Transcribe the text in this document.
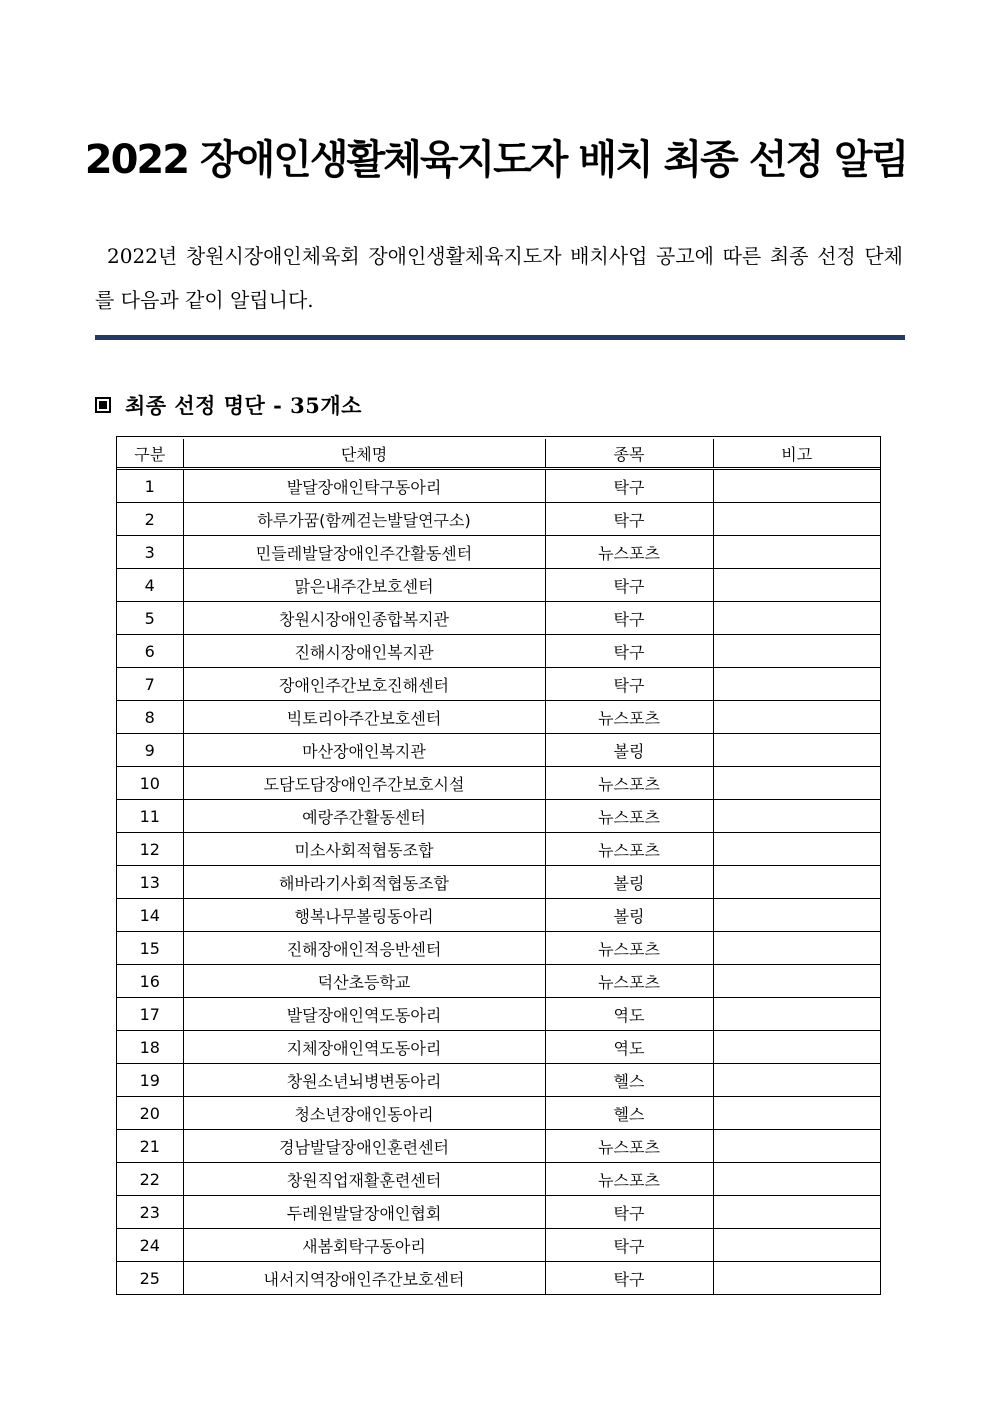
2022 장애인생활체육지도자 배치 최종 선정 알림

2022년 창원시장애인체육회 장애인생활체육지도자 배치사업 공고에 따른 최종 선정 단체를 다음과 같이 알립니다.

최종 선정 명단 - 35개소
구분	단체명	종목	비고
1	발달장애인탁구동아리	탁구	
2	하루가꿈(함께걷는발달연구소)	탁구	
3	민들레발달장애인주간활동센터	뉴스포츠	
4	맑은내주간보호센터	탁구	
5	창원시장애인종합복지관	탁구	
6	진해시장애인복지관	탁구	
7	장애인주간보호진해센터	탁구	
8	빅토리아주간보호센터	뉴스포츠	
9	마산장애인복지관	볼링	
10	도담도담장애인주간보호시설	뉴스포츠	
11	예랑주간활동센터	뉴스포츠	
12	미소사회적협동조합	뉴스포츠	
13	해바라기사회적협동조합	볼링	
14	행복나무볼링동아리	볼링	
15	진해장애인적응반센터	뉴스포츠	
16	덕산초등학교	뉴스포츠	
17	발달장애인역도동아리	역도	
18	지체장애인역도동아리	역도	
19	창원소년뇌병변동아리	헬스	
20	청소년장애인동아리	헬스	
21	경남발달장애인훈련센터	뉴스포츠	
22	창원직업재활훈련센터	뉴스포츠	
23	두레원발달장애인협회	탁구	
24	새봄회탁구동아리	탁구	
25	내서지역장애인주간보호센터	탁구	
